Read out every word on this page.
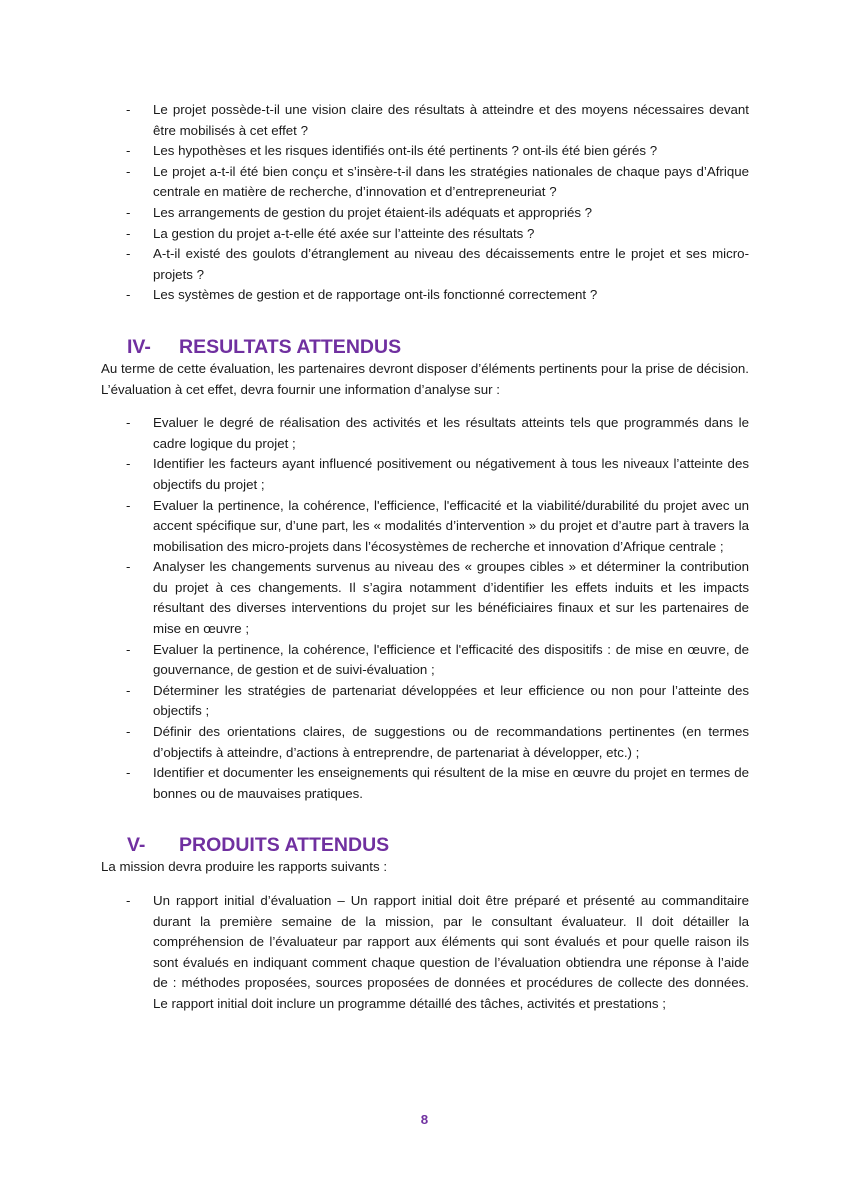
- Le projet possède-t-il une vision claire des résultats à atteindre et des moyens nécessaires devant être mobilisés à cet effet ?
- Les hypothèses et les risques identifiés ont-ils été pertinents ? ont-ils été bien gérés ?
- Le projet a-t-il été bien conçu et s’insère-t-il dans les stratégies nationales de chaque pays d’Afrique centrale en matière de recherche, d’innovation et d’entrepreneuriat ?
- Les arrangements de gestion du projet étaient-ils adéquats et appropriés ?
- La gestion du projet a-t-elle été axée sur l’atteinte des résultats ?
- A-t-il existé des goulots d’étranglement au niveau des décaissements entre le projet et ses micro-projets ?
- Les systèmes de gestion et de rapportage ont-ils fonctionné correctement ?
IV-	RESULTATS ATTENDUS

Au terme de cette évaluation, les partenaires devront disposer d’éléments pertinents pour la prise de décision. L’évaluation à cet effet, devra fournir une information d’analyse sur :

- Evaluer le degré de réalisation des activités et les résultats atteints tels que programmés dans le cadre logique du projet ;
- Identifier les facteurs ayant influencé positivement ou négativement à tous les niveaux l’atteinte des objectifs du projet ;
- Evaluer la pertinence, la cohérence, l'efficience, l'efficacité et la viabilité/durabilité du projet avec un accent spécifique sur, d’une part, les « modalités d’intervention » du projet et d’autre part à travers la mobilisation des micro-projets dans l’écosystèmes de recherche et innovation d’Afrique centrale ;
- Analyser les changements survenus au niveau des « groupes cibles » et déterminer la contribution du projet à ces changements. Il s’agira notamment d’identifier les effets induits et les impacts résultant des diverses interventions du projet sur les bénéficiaires finaux et sur les partenaires de mise en œuvre ;
- Evaluer la pertinence, la cohérence, l'efficience et l'efficacité des dispositifs : de mise en œuvre, de gouvernance, de gestion et de suivi-évaluation ;
- Déterminer les stratégies de partenariat développées et leur efficience ou non pour l’atteinte des objectifs ;
- Définir des orientations claires, de suggestions ou de recommandations pertinentes (en termes d’objectifs à atteindre, d’actions à entreprendre, de partenariat à développer, etc.) ;
- Identifier et documenter les enseignements qui résultent de la mise en œuvre du projet en termes de bonnes ou de mauvaises pratiques.
V-	PRODUITS ATTENDUS

La mission devra produire les rapports suivants :

- Un rapport initial d’évaluation – Un rapport initial doit être préparé et présenté au commanditaire durant la première semaine de la mission, par le consultant évaluateur. Il doit détailler la compréhension de l’évaluateur par rapport aux éléments qui sont évalués et pour quelle raison ils sont évalués en indiquant comment chaque question de l’évaluation obtiendra une réponse à l’aide de : méthodes proposées, sources proposées de données et procédures de collecte des données. Le rapport initial doit inclure un programme détaillé des tâches, activités et prestations ;
8
